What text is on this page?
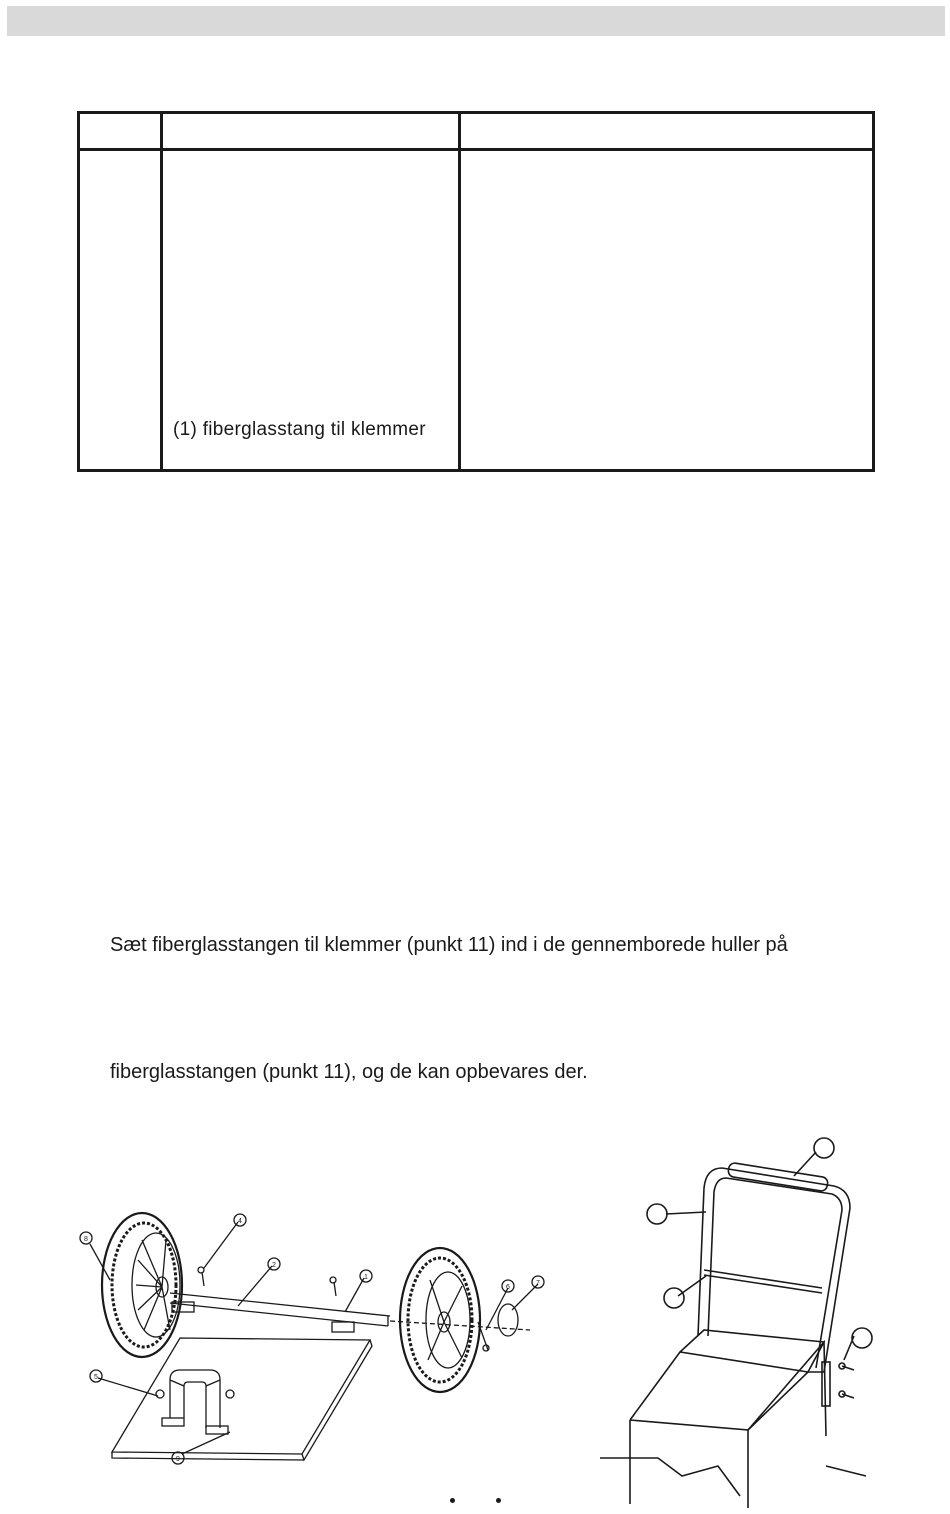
	(1) fiberglasstang til klemmer	
Sæt fiberglasstangen til klemmer (punkt 11) ind i de gennemborede huller på
fiberglasstangen (punkt 11), og de kan opbevares der.
8
4
2
1
6
7
5
9
